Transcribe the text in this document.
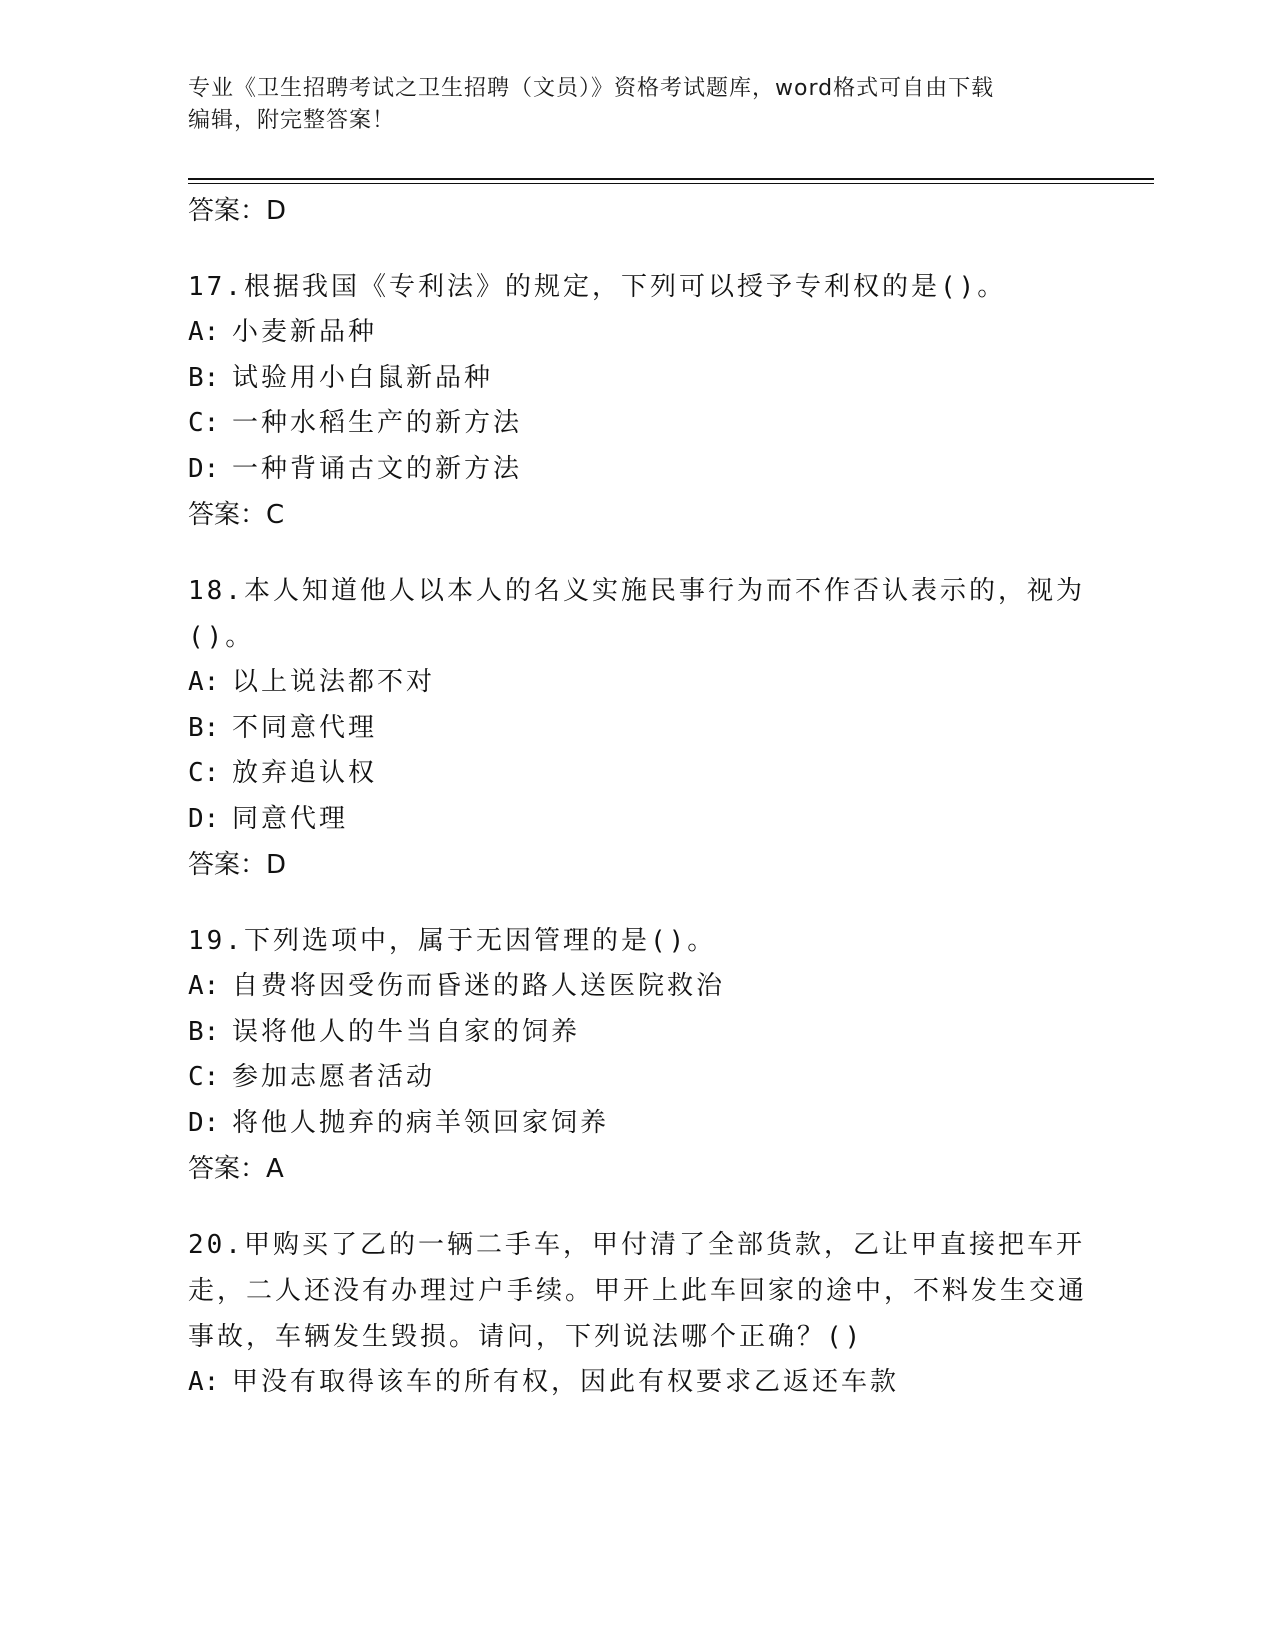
专业《卫生招聘考试之卫生招聘（文员）》资格考试题库，word格式可自由下载
编辑，附完整答案！
答案：D

17.根据我国《专利法》的规定，下列可以授予专利权的是()。

A: 小麦新品种
B: 试验用小白鼠新品种
C: 一种水稻生产的新方法
D: 一种背诵古文的新方法
答案：C

18.本人知道他人以本人的名义实施民事行为而不作否认表示的，视为()。

A: 以上说法都不对
B: 不同意代理
C: 放弃追认权
D: 同意代理
答案：D

19.下列选项中，属于无因管理的是()。

A: 自费将因受伤而昏迷的路人送医院救治
B: 误将他人的牛当自家的饲养
C: 参加志愿者活动
D: 将他人抛弃的病羊领回家饲养
答案：A

20.甲购买了乙的一辆二手车，甲付清了全部货款，乙让甲直接把车开走，二人还没有办理过户手续。甲开上此车回家的途中，不料发生交通事故，车辆发生毁损。请问，下列说法哪个正确？()

A: 甲没有取得该车的所有权，因此有权要求乙返还车款
